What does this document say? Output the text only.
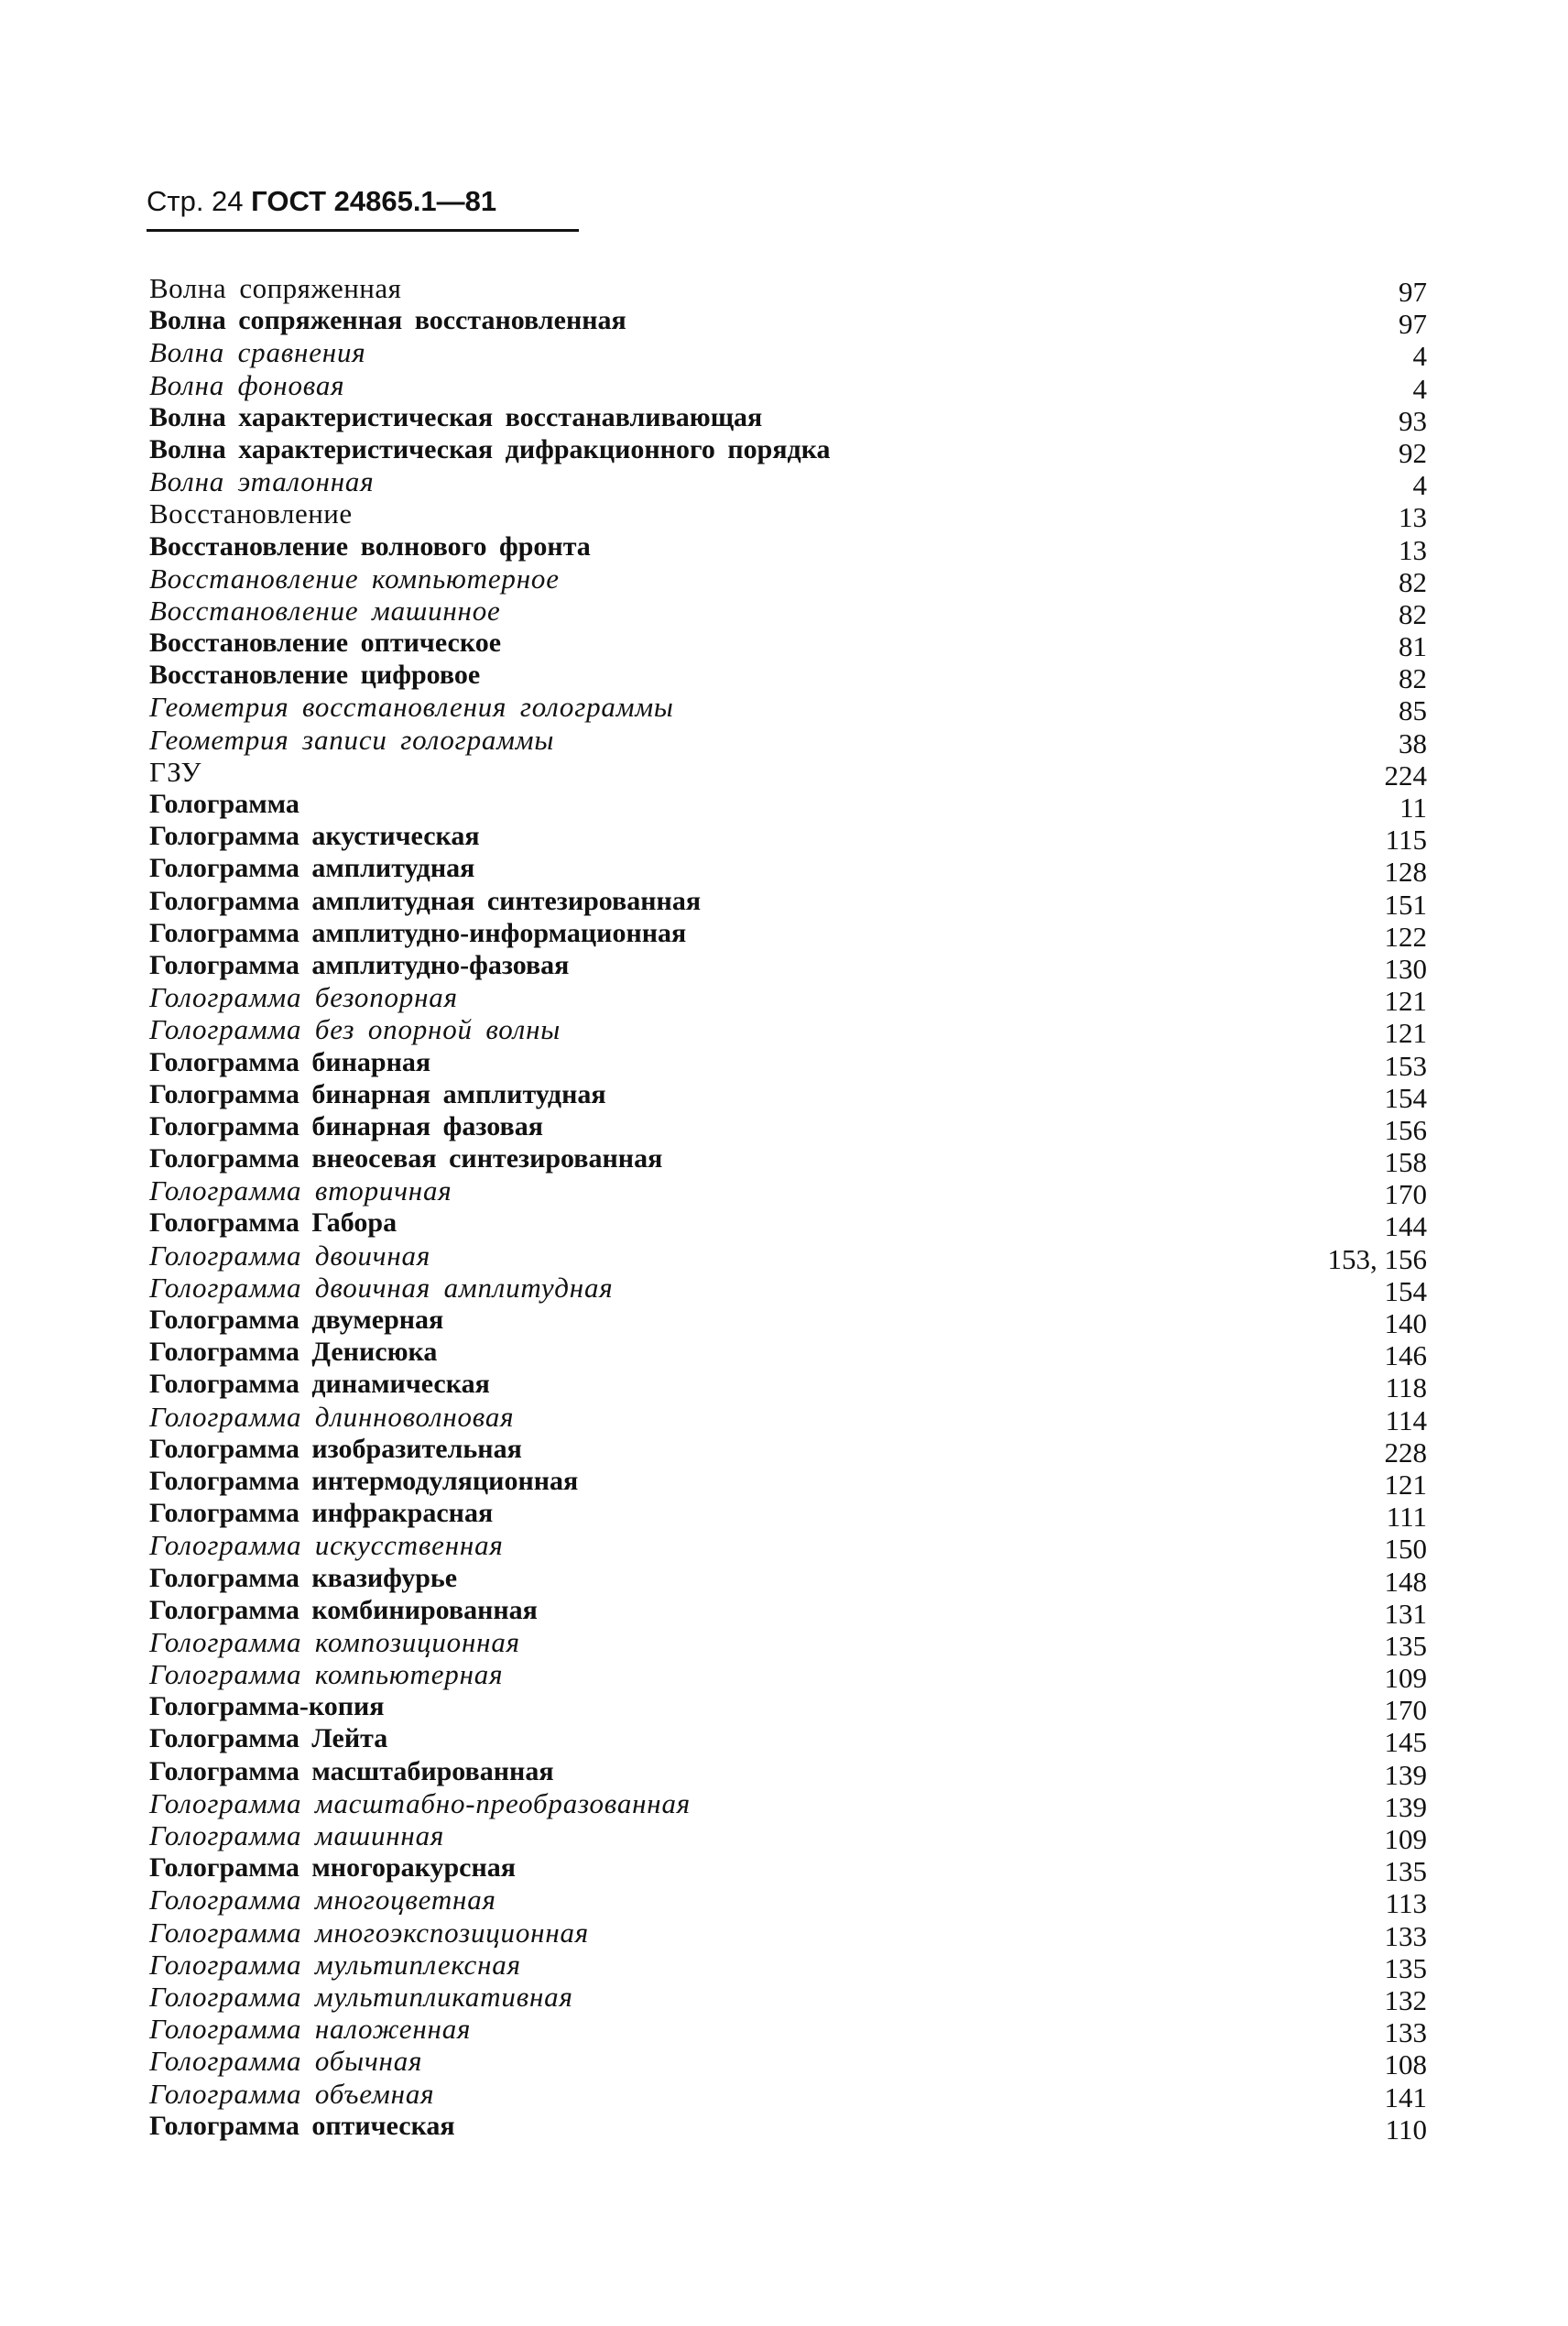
Стр. 24 ГОСТ 24865.1—81
Волна сопряженная	97
Волна сопряженная восстановленная	97
Волна сравнения	4
Волна фоновая	4
Волна характеристическая восстанавливающая	93
Волна характеристическая дифракционного порядка	92
Волна эталонная	4
Восстановление	13
Восстановление волнового фронта	13
Восстановление компьютерное	82
Восстановление машинное	82
Восстановление оптическое	81
Восстановление цифровое	82
Геометрия восстановления голограммы	85
Геометрия записи голограммы	38
ГЗУ	224
Голограмма	11
Голограмма акустическая	115
Голограмма амплитудная	128
Голограмма амплитудная синтезированная	151
Голограмма амплитудно-информационная	122
Голограмма амплитудно-фазовая	130
Голограмма безопорная	121
Голограмма без опорной волны	121
Голограмма бинарная	153
Голограмма бинарная амплитудная	154
Голограмма бинарная фазовая	156
Голограмма внеосевая синтезированная	158
Голограмма вторичная	170
Голограмма Габора	144
Голограмма двоичная	153, 156
Голограмма двоичная амплитудная	154
Голограмма двумерная	140
Голограмма Денисюка	146
Голограмма динамическая	118
Голограмма длинноволновая	114
Голограмма изобразительная	228
Голограмма интермодуляционная	121
Голограмма инфракрасная	111
Голограмма искусственная	150
Голограмма квазифурье	148
Голограмма комбинированная	131
Голограмма композиционная	135
Голограмма компьютерная	109
Голограмма-копия	170
Голограмма Лейта	145
Голограмма масштабированная	139
Голограмма масштабно-преобразованная	139
Голограмма машинная	109
Голограмма многоракурсная	135
Голограмма многоцветная	113
Голограмма многоэкспозиционная	133
Голограмма мультиплексная	135
Голограмма мультипликативная	132
Голограмма наложенная	133
Голограмма обычная	108
Голограмма объемная	141
Голограмма оптическая	110
